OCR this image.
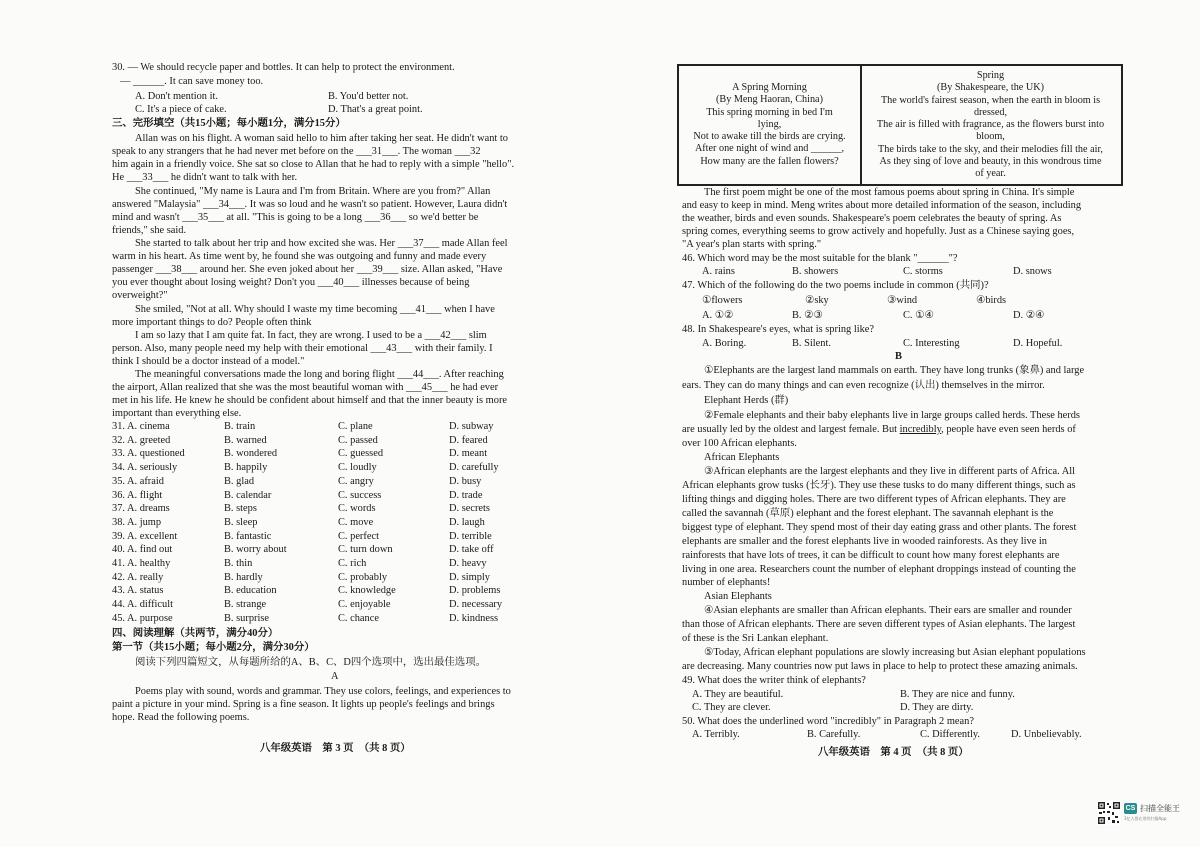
30. — We should recycle paper and bottles. It can help to protect the environment.
— ______. It can save money too.
A. Don't mention it.	B. You'd better not.
C. It's a piece of cake.	D. That's a great point.
三、完形填空（共15小题；每小题1分，满分15分）
Allan was on his flight. A woman said hello to him after taking her seat. He didn't want to
speak to any strangers that he had never met before on the ___31___. The woman ___32
him again in a friendly voice. She sat so close to Allan that he had to reply with a simple "hello".
He ___33___ he didn't want to talk with her.
She continued, "My name is Laura and I'm from Britain. Where are you from?" Allan
answered "Malaysia" ___34___. It was so loud and he wasn't so patient. However, Laura didn't
mind and wasn't ___35___ at all. "This is going to be a long ___36___ so we'd better be
friends," she said.
She started to talk about her trip and how excited she was. Her ___37___ made Allan feel
warm in his heart. As time went by, he found she was outgoing and funny and made every
passenger ___38___ around her. She even joked about her ___39___ size. Allan asked, "Have
you ever thought about losing weight? Don't you ___40___ illnesses because of being
overweight?"
She smiled, "Not at all. Why should I waste my time becoming ___41___ when I have
more important things to do? People often think
I am so lazy that I am quite fat. In fact, they are wrong. I used to be a ___42___ slim
person. Also, many people need my help with their emotional ___43___ with their family. I
think I should be a doctor instead of a model."
The meaningful conversations made the long and boring flight ___44___. After reaching
the airport, Allan realized that she was the most beautiful woman with ___45___ he had ever
met in his life. He knew he should be confident about himself and that the inner beauty is more
important than everything else.
31. A. cinema	B. train	C. plane	D. subway
32. A. greeted	B. warned	C. passed	D. feared
33. A. questioned	B. wondered	C. guessed	D. meant
34. A. seriously	B. happily	C. loudly	D. carefully
35. A. afraid	B. glad	C. angry	D. busy
36. A. flight	B. calendar	C. success	D. trade
37. A. dreams	B. steps	C. words	D. secrets
38. A. jump	B. sleep	C. move	D. laugh
39. A. excellent	B. fantastic	C. perfect	D. terrible
40. A. find out	B. worry about	C. turn down	D. take off
41. A. healthy	B. thin	C. rich	D. heavy
42. A. really	B. hardly	C. probably	D. simply
43. A. status	B. education	C. knowledge	D. problems
44. A. difficult	B. strange	C. enjoyable	D. necessary
45. A. purpose	B. surprise	C. chance	D. kindness
四、阅读理解（共两节，满分40分）
第一节（共15小题；每小题2分，满分30分）
阅读下列四篇短文，从每题所给的A、B、C、D四个选项中，选出最佳选项。
A
Poems play with sound, words and grammar. They use colors, feelings, and experiences to
paint a picture in your mind. Spring is a fine season. It lights up people's feelings and brings
hope. Read the following poems.
八年级英语　第 3 页　（共 8 页）
A Spring Morning
(By Meng Haoran, China)
This spring morning in bed I'm
lying,
Not to awake till the birds are crying.
After one night of wind and ______,
How many are the fallen flowers?
Spring
(By Shakespeare, the UK)
The world's fairest season, when the earth in bloom is
dressed,
The air is filled with fragrance, as the flowers burst into
bloom,
The birds take to the sky, and their melodies fill the air,
As they sing of love and beauty, in this wondrous time
of year.
The first poem might be one of the most famous poems about spring in China. It's simple
and easy to keep in mind. Meng writes about more detailed information of the season, including
the weather, birds and even sounds. Shakespeare's poem celebrates the beauty of spring. As
spring comes, everything seems to grow actively and hopefully. Just as a Chinese saying goes,
"A year's plan starts with spring."
46. Which word may be the most suitable for the blank "______"?
A. rains	B. showers	C. storms	D. snows
47. Which of the following do the two poems include in common (共同)?
①flowers	②sky	③wind	④birds
A. ①②	B. ②③	C. ①④	D. ②④
48. In Shakespeare's eyes, what is spring like?
A. Boring.	B. Silent.	C. Interesting	D. Hopeful.
B
①Elephants are the largest land mammals on earth. They have long trunks (象鼻) and large
ears. They can do many things and can even recognize (认出) themselves in the mirror.
Elephant Herds (群)
②Female elephants and their baby elephants live in large groups called herds. These herds
are usually led by the oldest and largest female. But incredibly, people have even seen herds of
over 100 African elephants.
African Elephants
③African elephants are the largest elephants and they live in different parts of Africa. All
African elephants grow tusks (长牙). They use these tusks to do many different things, such as
lifting things and digging holes. There are two different types of African elephants. They are
called the savannah (草原) elephant and the forest elephant. The savannah elephant is the
biggest type of elephant. They spend most of their day eating grass and other plants. The forest
elephants are smaller and the forest elephants live in wooded rainforests. As they live in
rainforests that have lots of trees, it can be difficult to count how many forest elephants are
living in one area. Researchers count the number of elephant droppings instead of counting the
number of elephants!
Asian Elephants
④Asian elephants are smaller than African elephants. Their ears are smaller and rounder
than those of African elephants. There are seven different types of Asian elephants. The largest
of these is the Sri Lankan elephant.
⑤Today, African elephant populations are slowly increasing but Asian elephant populations
are decreasing. Many countries now put laws in place to help to protect these amazing animals.
49. What does the writer think of elephants?
A. They are beautiful.	B. They are nice and funny.
C. They are clever.	D. They are dirty.
50. What does the underlined word "incredibly" in Paragraph 2 mean?
A. Terribly.	B. Carefully.	C. Differently.	D. Unbelievably.
八年级英语　第 4 页　（共 8 页）
CS 扫描全能王
3亿人都在用的扫描App
